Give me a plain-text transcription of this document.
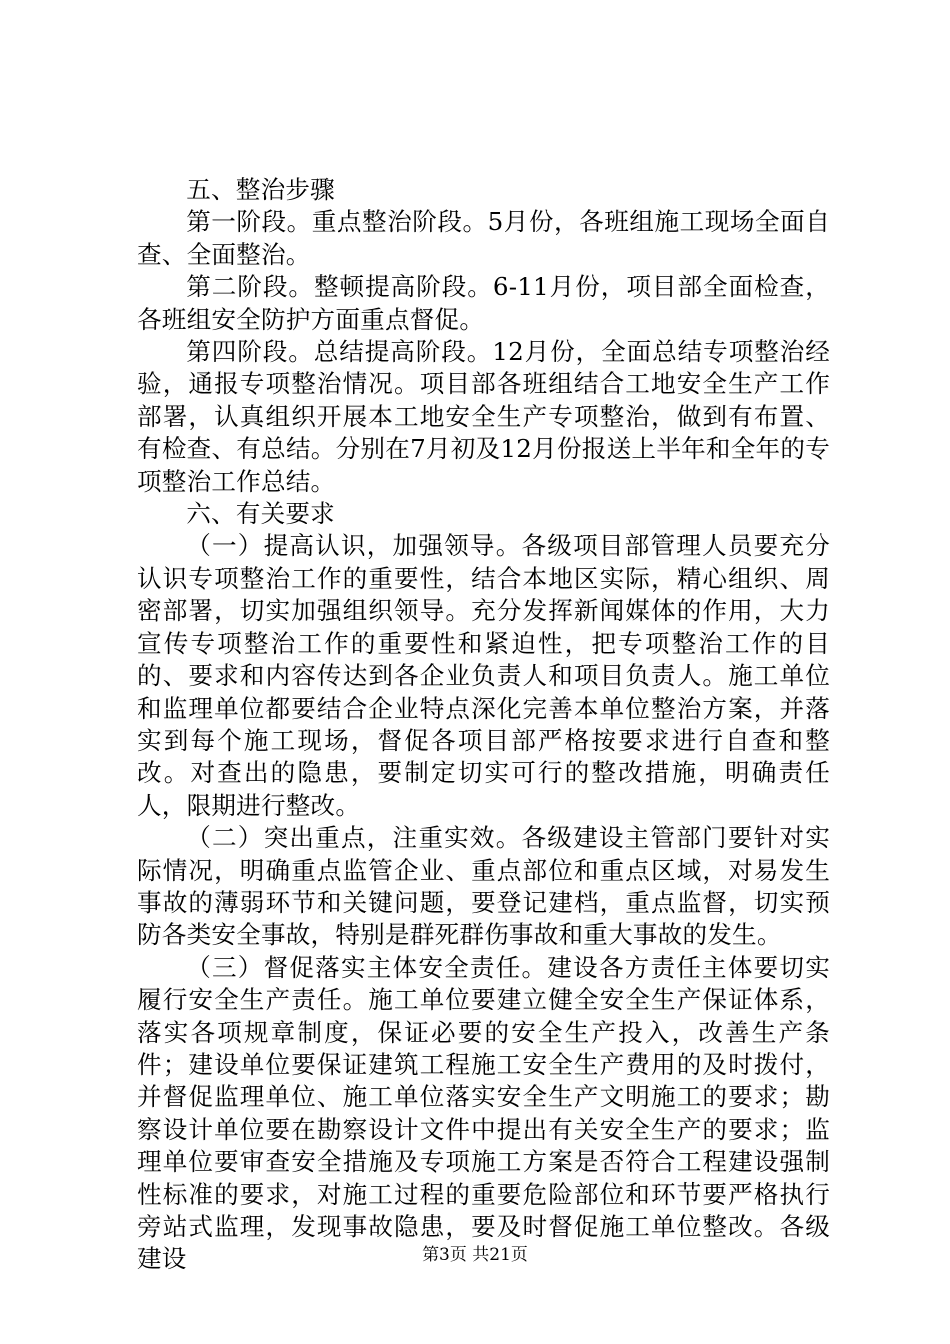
五、整治步骤

第一阶段。重点整治阶段。5月份，各班组施工现场全面自查、全面整治。

第二阶段。整顿提高阶段。6-11月份，项目部全面检查，各班组安全防护方面重点督促。

第四阶段。总结提高阶段。12月份，全面总结专项整治经验，通报专项整治情况。项目部各班组结合工地安全生产工作部署，认真组织开展本工地安全生产专项整治，做到有布置、有检查、有总结。分别在7月初及12月份报送上半年和全年的专项整治工作总结。

六、有关要求

（一）提高认识，加强领导。各级项目部管理人员要充分认识专项整治工作的重要性，结合本地区实际，精心组织、周密部署，切实加强组织领导。充分发挥新闻媒体的作用，大力宣传专项整治工作的重要性和紧迫性，把专项整治工作的目的、要求和内容传达到各企业负责人和项目负责人。施工单位和监理单位都要结合企业特点深化完善本单位整治方案，并落实到每个施工现场，督促各项目部严格按要求进行自查和整改。对查出的隐患，要制定切实可行的整改措施，明确责任人，限期进行整改。

（二）突出重点，注重实效。各级建设主管部门要针对实际情况，明确重点监管企业、重点部位和重点区域，对易发生事故的薄弱环节和关键问题，要登记建档，重点监督，切实预防各类安全事故，特别是群死群伤事故和重大事故的发生。

（三）督促落实主体安全责任。建设各方责任主体要切实履行安全生产责任。施工单位要建立健全安全生产保证体系，落实各项规章制度，保证必要的安全生产投入，改善生产条件；建设单位要保证建筑工程施工安全生产费用的及时拨付，并督促监理单位、施工单位落实安全生产文明施工的要求；勘察设计单位要在勘察设计文件中提出有关安全生产的要求；监理单位要审查安全措施及专项施工方案是否符合工程建设强制性标准的要求，对施工过程的重要危险部位和环节要严格执行旁站式监理，发现事故隐患，要及时督促施工单位整改。各级建设	第3页 共21页
